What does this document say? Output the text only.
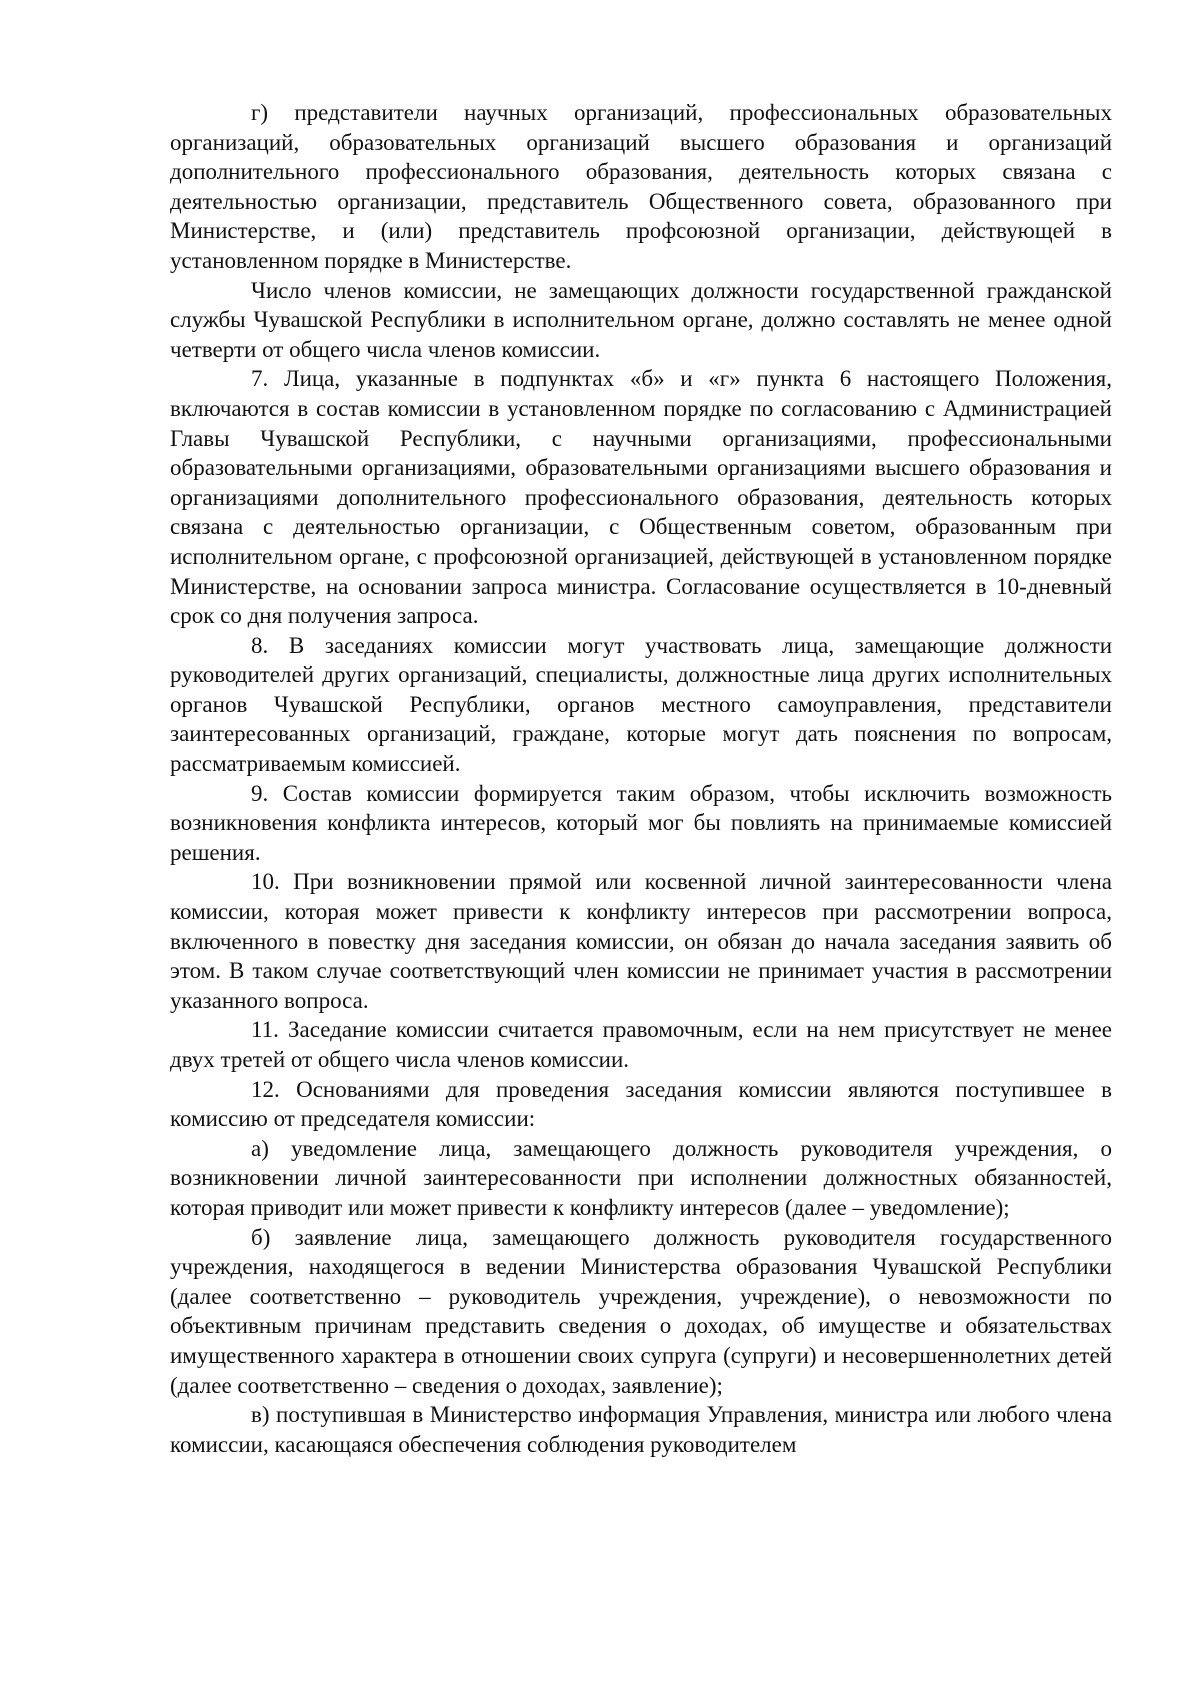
г) представители научных организаций, профессиональных образовательных организаций, образовательных организаций высшего образования и организаций дополнительного профессионального образования, деятельность которых связана с деятельностью организации, представитель Общественного совета, образованного при Министерстве, и (или) представитель профсоюзной организации, действующей в установленном порядке в Министерстве.

Число членов комиссии, не замещающих должности государственной гражданской службы Чувашской Республики в исполнительном органе, должно составлять не менее одной четверти от общего числа членов комиссии.

7. Лица, указанные в подпунктах «б» и «г» пункта 6 настоящего Положения, включаются в состав комиссии в установленном порядке по согласованию с Администрацией Главы Чувашской Республики, с научными организациями, профессиональными образовательными организациями, образовательными организациями высшего образования и организациями дополнительного профессионального образования, деятельность которых связана с деятельностью организации, с Общественным советом, образованным при исполнительном органе, с профсоюзной организацией, действующей в установленном порядке Министерстве, на основании запроса министра. Согласование осуществляется в 10-дневный срок со дня получения запроса.

8. В заседаниях комиссии могут участвовать лица, замещающие должности руководителей других организаций, специалисты, должностные лица других исполнительных органов Чувашской Республики, органов местного самоуправления, представители заинтересованных организаций, граждане, которые могут дать пояснения по вопросам, рассматриваемым комиссией.

9. Состав комиссии формируется таким образом, чтобы исключить возможность возникновения конфликта интересов, который мог бы повлиять на принимаемые комиссией решения.

10. При возникновении прямой или косвенной личной заинтересованности члена комиссии, которая может привести к конфликту интересов при рассмотрении вопроса, включенного в повестку дня заседания комиссии, он обязан до начала заседания заявить об этом. В таком случае соответствующий член комиссии не принимает участия в рассмотрении указанного вопроса.

11. Заседание комиссии считается правомочным, если на нем присутствует не менее двух третей от общего числа членов комиссии.

12. Основаниями для проведения заседания комиссии являются поступившее в комиссию от председателя комиссии:

а) уведомление лица, замещающего должность руководителя учреждения, о возникновении личной заинтересованности при исполнении должностных обязанностей, которая приводит или может привести к конфликту интересов (далее – уведомление);

б) заявление лица, замещающего должность руководителя государственного учреждения, находящегося в ведении Министерства образования Чувашской Республики (далее соответственно – руководитель учреждения, учреждение), о невозможности по объективным причинам представить сведения о доходах, об имуществе и обязательствах имущественного характера в отношении своих супруга (супруги) и несовершеннолетних детей (далее соответственно – сведения о доходах, заявление);

в) поступившая в Министерство информация Управления, министра или любого члена комиссии, касающаяся обеспечения соблюдения руководителем
